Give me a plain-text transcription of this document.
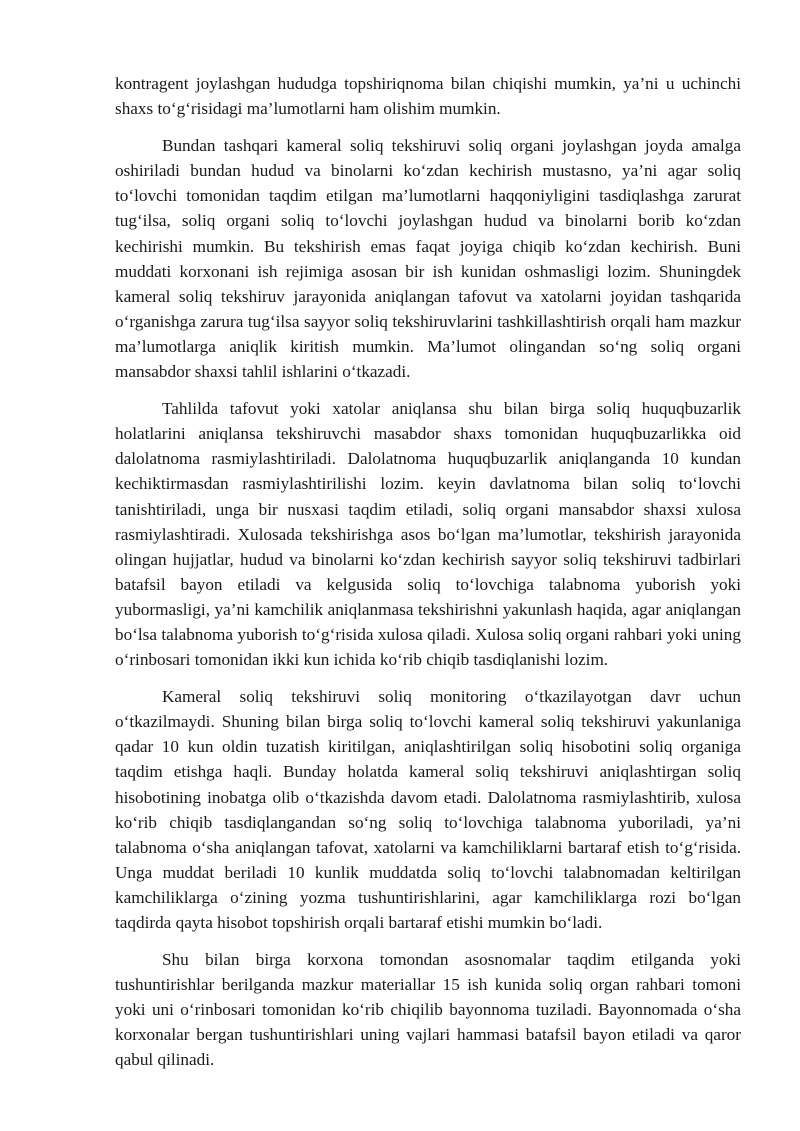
kontragent joylashgan hududga topshiriqnoma bilan chiqishi mumkin, ya’ni u uchinchi shaxs to‘g‘risidagi ma’lumotlarni ham olishim mumkin.

Bundan tashqari kameral soliq tekshiruvi soliq organi joylashgan joyda amalga oshiriladi bundan hudud va binolarni ko‘zdan kechirish mustasno, ya’ni agar soliq to‘lovchi tomonidan taqdim etilgan ma’lumotlarni haqqoniyligini tasdiqlashga zarurat tug‘ilsa, soliq organi soliq to‘lovchi joylashgan hudud va binolarni borib ko‘zdan kechirishi mumkin. Bu tekshirish emas faqat joyiga chiqib ko‘zdan kechirish. Buni muddati korxonani ish rejimiga asosan bir ish kunidan oshmasligi lozim. Shuningdek kameral soliq tekshiruv jarayonida aniqlangan tafovut va xatolarni joyidan tashqarida o‘rganishga zarura tug‘ilsa sayyor soliq tekshiruvlarini tashkillashtirish orqali ham mazkur ma’lumotlarga aniqlik kiritish mumkin. Ma’lumot olingandan so‘ng soliq organi mansabdor shaxsi tahlil ishlarini o‘tkazadi.

Tahlilda tafovut yoki xatolar aniqlansa shu bilan birga soliq huquqbuzarlik holatlarini aniqlansa tekshiruvchi masabdor shaxs tomonidan huquqbuzarlikka oid dalolatnoma rasmiylashtiriladi. Dalolatnoma huquqbuzarlik aniqlanganda 10 kundan kechiktirmasdan rasmiylashtirilishi lozim. keyin davlatnoma bilan soliq to‘lovchi tanishtiriladi, unga bir nusxasi taqdim etiladi, soliq organi mansabdor shaxsi xulosa rasmiylashtiradi. Xulosada tekshirishga asos bo‘lgan ma’lumotlar, tekshirish jarayonida olingan hujjatlar, hudud va binolarni ko‘zdan kechirish sayyor soliq tekshiruvi tadbirlari batafsil bayon etiladi va kelgusida soliq to‘lovchiga talabnoma yuborish yoki yubormasligi, ya’ni kamchilik aniqlanmasa tekshirishni yakunlash haqida, agar aniqlangan bo‘lsa talabnoma yuborish to‘g‘risida xulosa qiladi. Xulosa soliq organi rahbari yoki uning o‘rinbosari tomonidan ikki kun ichida ko‘rib chiqib tasdiqlanishi lozim.

Kameral soliq tekshiruvi soliq monitoring o‘tkazilayotgan davr uchun o‘tkazilmaydi. Shuning bilan birga soliq to‘lovchi kameral soliq tekshiruvi yakunlaniga qadar 10 kun oldin tuzatish kiritilgan, aniqlashtirilgan soliq hisobotini soliq organiga taqdim etishga haqli. Bunday holatda kameral soliq tekshiruvi aniqlashtirgan soliq hisobotining inobatga olib o‘tkazishda davom etadi. Dalolatnoma rasmiylashtirib, xulosa ko‘rib chiqib tasdiqlangandan so‘ng soliq to‘lovchiga talabnoma yuboriladi, ya’ni talabnoma o‘sha aniqlangan tafovat, xatolarni va kamchiliklarni bartaraf etish to‘g‘risida. Unga muddat beriladi 10 kunlik muddatda soliq to‘lovchi talabnomadan keltirilgan kamchiliklarga o‘zining yozma tushuntirishlarini, agar kamchiliklarga rozi bo‘lgan taqdirda qayta hisobot topshirish orqali bartaraf etishi mumkin bo‘ladi.

Shu bilan birga korxona tomondan asosnomalar taqdim etilganda yoki tushuntirishlar berilganda mazkur materiallar 15 ish kunida soliq organ rahbari tomoni yoki uni o‘rinbosari tomonidan ko‘rib chiqilib bayonnoma tuziladi. Bayonnomada o‘sha korxonalar bergan tushuntirishlari uning vajlari hammasi batafsil bayon etiladi va qaror qabul qilinadi.
